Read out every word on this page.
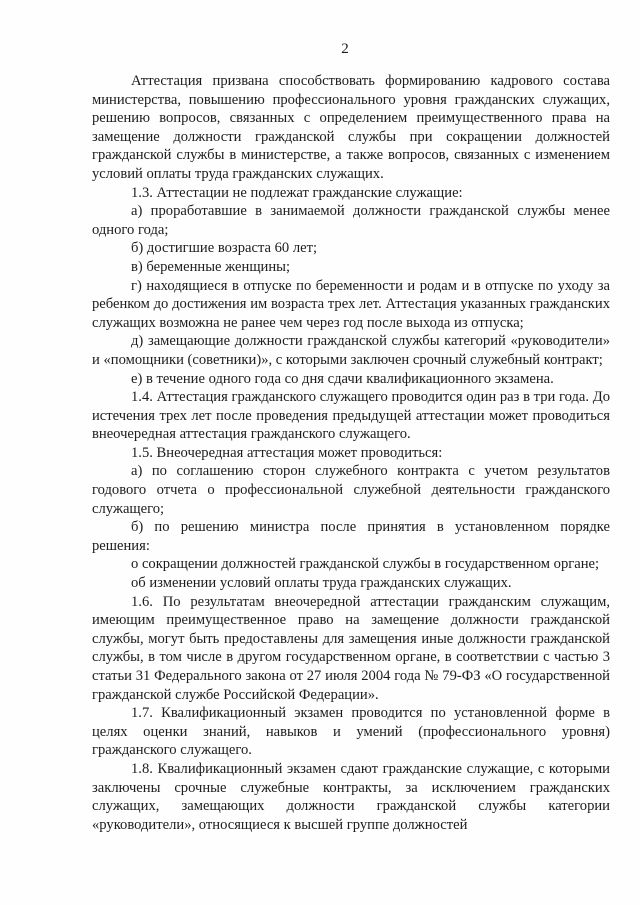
2

Аттестация призвана способствовать формированию кадрового состава министерства, повышению профессионального уровня гражданских служащих, решению вопросов, связанных с определением преимущественного права на замещение должности гражданской службы при сокращении должностей гражданской службы в министерстве, а также вопросов, связанных с изменением условий оплаты труда гражданских служащих.

1.3. Аттестации не подлежат гражданские служащие:

а) проработавшие в занимаемой должности гражданской службы менее одного года;

б) достигшие возраста 60 лет;

в) беременные женщины;

г) находящиеся в отпуске по беременности и родам и в отпуске по уходу за ребенком до достижения им возраста трех лет. Аттестация указанных гражданских служащих возможна не ранее чем через год после выхода из отпуска;

д) замещающие должности гражданской службы категорий «руководители» и «помощники (советники)», с которыми заключен срочный служебный контракт;

е) в течение одного года со дня сдачи квалификационного экзамена.

1.4. Аттестация гражданского служащего проводится один раз в три года. До истечения трех лет после проведения предыдущей аттестации может проводиться внеочередная аттестация гражданского служащего.

1.5. Внеочередная аттестация может проводиться:

а) по соглашению сторон служебного контракта с учетом результатов годового отчета о профессиональной служебной деятельности гражданского служащего;

б) по решению министра после принятия в установленном порядке решения:

о сокращении должностей гражданской службы в государственном органе;

об изменении условий оплаты труда гражданских служащих.

1.6. По результатам внеочередной аттестации гражданским служащим, имеющим преимущественное право на замещение должности гражданской службы, могут быть предоставлены для замещения иные должности гражданской службы, в том числе в другом государственном органе, в соответствии с частью 3 статьи 31 Федерального закона от 27 июля 2004 года № 79-ФЗ «О государственной гражданской службе Российской Федерации».

1.7. Квалификационный экзамен проводится по установленной форме в целях оценки знаний, навыков и умений (профессионального уровня) гражданского служащего.

1.8. Квалификационный экзамен сдают гражданские служащие, с которыми заключены срочные служебные контракты, за исключением гражданских служащих, замещающих должности гражданской службы категории «руководители», относящиеся к высшей группе должностей
